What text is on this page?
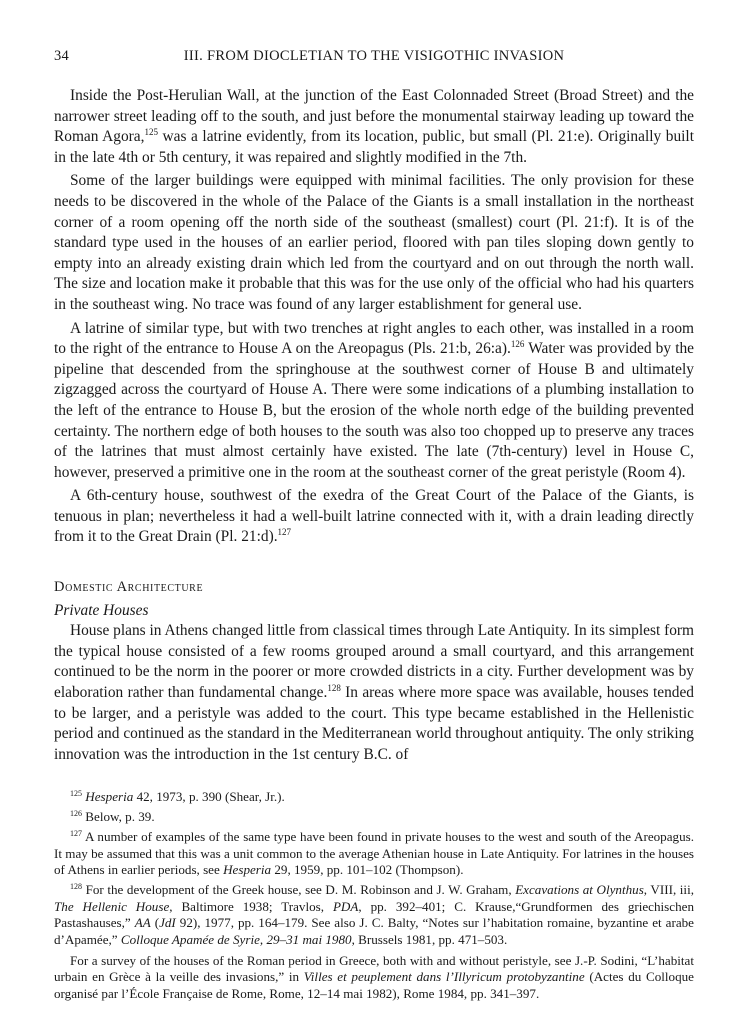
34	III. FROM DIOCLETIAN TO THE VISIGOTHIC INVASION

Inside the Post-Herulian Wall, at the junction of the East Colonnaded Street (Broad Street) and the narrower street leading off to the south, and just before the monumental stairway leading up toward the Roman Agora,$^{125}$ was a latrine evidently, from its location, public, but small (Pl. 21:e). Originally built in the late 4th or 5th century, it was repaired and slightly modified in the 7th.

Some of the larger buildings were equipped with minimal facilities. The only provision for these needs to be discovered in the whole of the Palace of the Giants is a small installation in the northeast corner of a room opening off the north side of the southeast (smallest) court (Pl. 21:f). It is of the standard type used in the houses of an earlier period, floored with pan tiles sloping down gently to empty into an already existing drain which led from the courtyard and on out through the north wall. The size and location make it probable that this was for the use only of the official who had his quarters in the southeast wing. No trace was found of any larger establishment for general use.

A latrine of similar type, but with two trenches at right angles to each other, was installed in a room to the right of the entrance to House A on the Areopagus (Pls. 21:b, 26:a).$^{126}$ Water was provided by the pipeline that descended from the springhouse at the southwest corner of House B and ultimately zigzagged across the courtyard of House A. There were some indications of a plumbing installation to the left of the entrance to House B, but the erosion of the whole north edge of the building prevented certainty. The northern edge of both houses to the south was also too chopped up to preserve any traces of the latrines that must almost certainly have existed. The late (7th-century) level in House C, however, preserved a primitive one in the room at the southeast corner of the great peristyle (Room 4).

A 6th-century house, southwest of the exedra of the Great Court of the Palace of the Giants, is tenuous in plan; nevertheless it had a well-built latrine connected with it, with a drain leading directly from it to the Great Drain (Pl. 21:d).$^{127}$

Domestic Architecture
Private Houses

House plans in Athens changed little from classical times through Late Antiquity. In its simplest form the typical house consisted of a few rooms grouped around a small courtyard, and this arrangement continued to be the norm in the poorer or more crowded districts in a city. Further development was by elaboration rather than fundamental change.$^{128}$ In areas where more space was available, houses tended to be larger, and a peristyle was added to the court. This type became established in the Hellenistic period and continued as the standard in the Mediterranean world throughout antiquity. The only striking innovation was the introduction in the 1st century B.C. of

$^{125}$ Hesperia 42, 1973, p. 390 (Shear, Jr.).

$^{126}$ Below, p. 39.

$^{127}$ A number of examples of the same type have been found in private houses to the west and south of the Areopagus. It may be assumed that this was a unit common to the average Athenian house in Late Antiquity. For latrines in the houses of Athens in earlier periods, see Hesperia 29, 1959, pp. 101–102 (Thompson).

$^{128}$ For the development of the Greek house, see D. M. Robinson and J. W. Graham, Excavations at Olynthus, VIII, iii, The Hellenic House, Baltimore 1938; Travlos, PDA, pp. 392–401; C. Krause,“Grundformen des griechischen Pastashauses,” AA (JdI 92), 1977, pp. 164–179. See also J. C. Balty, “Notes sur l’habitation romaine, byzantine et arabe d’Apamée,” Colloque Apamée de Syrie, 29–31 mai 1980, Brussels 1981, pp. 471–503.

For a survey of the houses of the Roman period in Greece, both with and without peristyle, see J.-P. Sodini, “L’habitat urbain en Grèce à la veille des invasions,” in Villes et peuplement dans l’Illyricum protobyzantine (Actes du Colloque organisé par l’École Française de Rome, Rome, 12–14 mai 1982), Rome 1984, pp. 341–397.
